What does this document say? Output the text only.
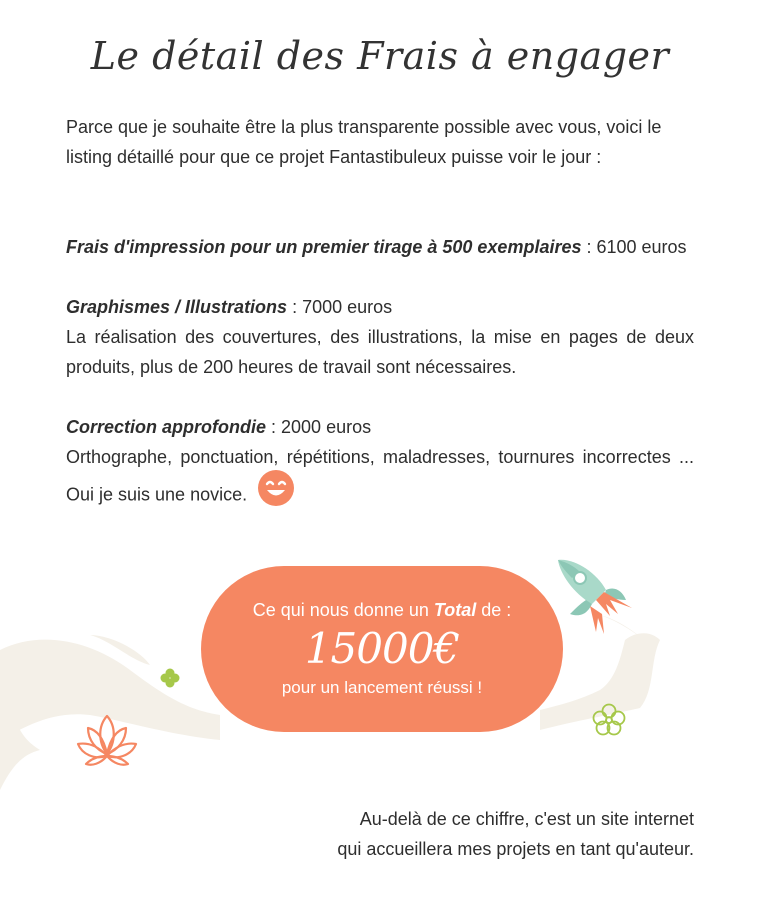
Le détail des Frais à engager

Parce que je souhaite être la plus transparente possible avec vous, voici le listing détaillé pour que ce projet Fantastibuleux puisse voir le jour :

Frais d'impression pour un premier tirage à 500 exemplaires : 6100 euros

Graphismes / Illustrations : 7000 euros
La réalisation des couvertures, des illustrations, la mise en pages de deux produits, plus de 200 heures de travail sont nécessaires.
Correction approfondie : 2000 euros
Orthographe, ponctuation, répétitions, maladresses, tournures incorrectes ... Oui je suis une novice.
Ce qui nous donne un Total de :
15000€
pour un lancement réussi !
Au-delà de ce chiffre, c'est un site internet
qui accueillera mes projets en tant qu'auteur.
